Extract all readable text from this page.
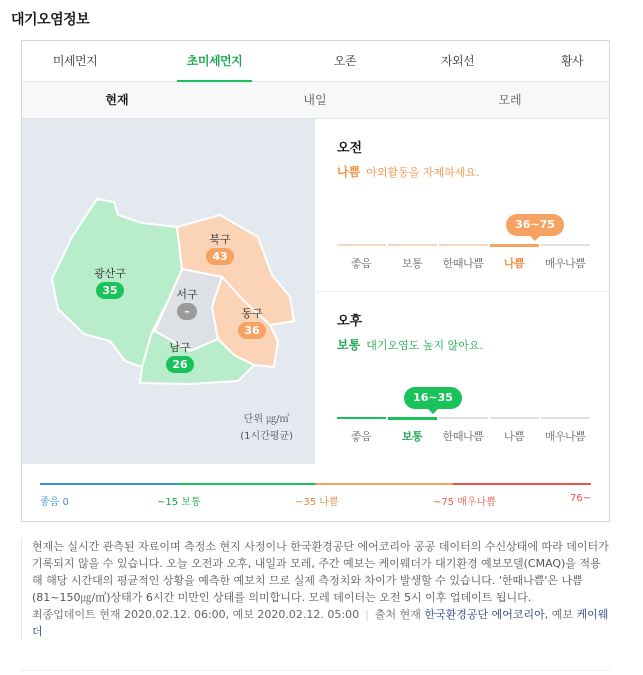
대기오염정보
미세먼지	초미세먼지	오존	자외선	황사
현재	내일	모레
광산구
35
북구
43
서구
–	동구
36
남구
26
단위 ㎍/㎥
(1시간평균)
오전
나쁨 야외활동을 자제하세요.
36~75
좋음	보통	한때나쁨	나쁨	매우나쁨
오후
보통 대기오염도 높지 않아요.
16~35
좋음	보통	한때나쁨	나쁨	매우나쁨
좋음 0	~15 보통	~35 나쁨	~75 매우나쁨	76~

현재는 실시간 관측된 자료이며 측정소 현지 사정이나 한국환경공단 에어코리아 공공 데이터의 수신상태에 따라 데이터가 기록되지 않을 수 있습니다. 오늘 오전과 오후, 내일과 모레, 주간 예보는 케이웨더가 대기환경 예보모델(CMAQ)을 적용해 해당 시간대의 평균적인 상황을 예측한 예보치 므로 실제 측정치와 차이가 발생할 수 있습니다. '한때나쁨'은 나쁨(81~150㎍/㎥)상태가 6시간 미만인 상태를 의미합니다. 모레 데이터는 오전 5시 이후 업데이트 됩니다.

최종업데이트 현재 2020.02.12. 06:00, 예보 2020.02.12. 05:00 | 출처 현재 한국환경공단 에어코리아, 예보 케이웨더
